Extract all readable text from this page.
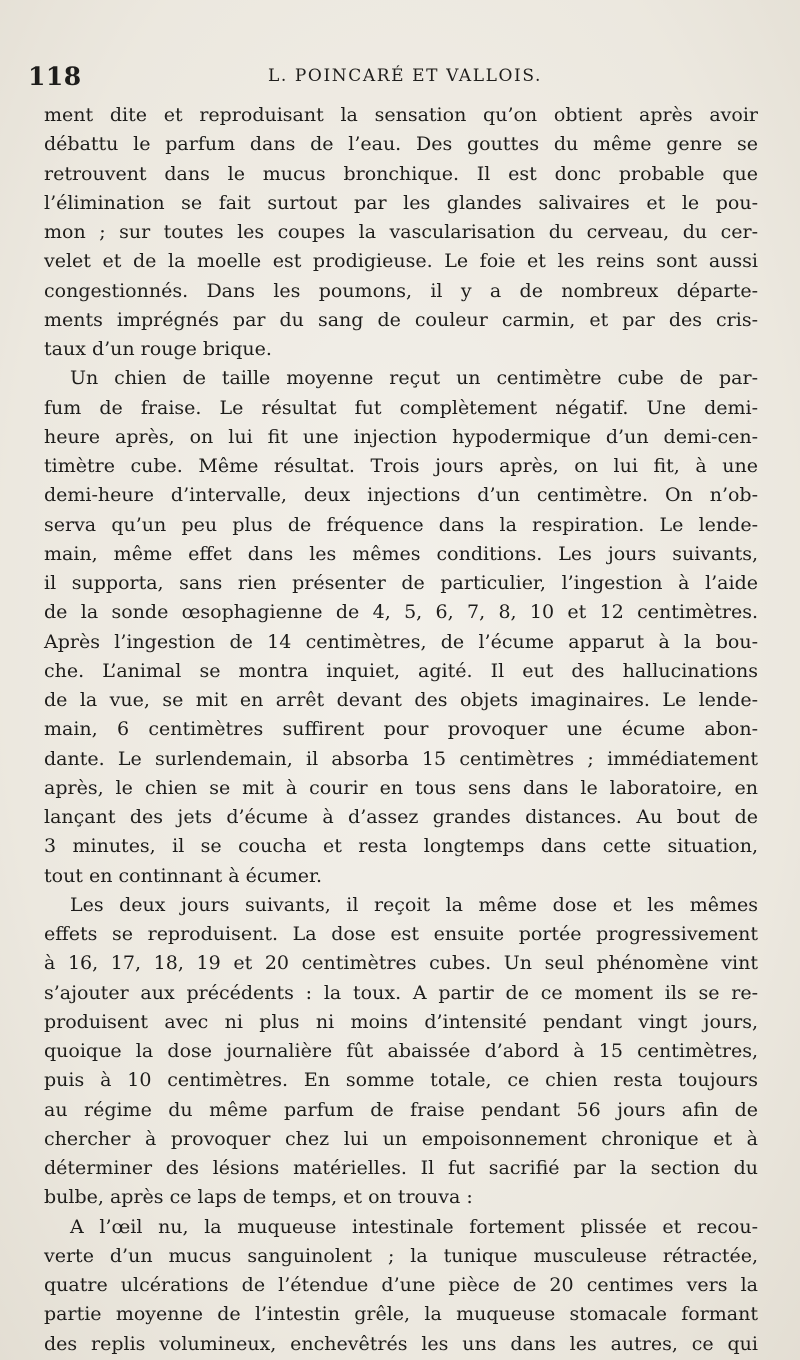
118	L. POINCARÉ ET VALLOIS.
ment dite et reproduisant la sensation qu’on obtient après avoir
débattu le parfum dans de l’eau. Des gouttes du même genre se
retrouvent dans le mucus bronchique. Il est donc probable que
l’élimination se fait surtout par les glandes salivaires et le pou-
mon ; sur toutes les coupes la vascularisation du cerveau, du cer-
velet et de la moelle est prodigieuse. Le foie et les reins sont aussi
congestionnés. Dans les poumons, il y a de nombreux départe-
ments imprégnés par du sang de couleur carmin, et par des cris-
taux d’un rouge brique.
Un chien de taille moyenne reçut un centimètre cube de par-
fum de fraise. Le résultat fut complètement négatif. Une demi-
heure après, on lui fit une injection hypodermique d’un demi-cen-
timètre cube. Même résultat. Trois jours après, on lui fit, à une
demi-heure d’intervalle, deux injections d’un centimètre. On n’ob-
serva qu’un peu plus de fréquence dans la respiration. Le lende-
main, même effet dans les mêmes conditions. Les jours suivants,
il supporta, sans rien présenter de particulier, l’ingestion à l’aide
de la sonde œsophagienne de 4, 5, 6, 7, 8, 10 et 12 centimètres.
Après l’ingestion de 14 centimètres, de l’écume apparut à la bou-
che. L’animal se montra inquiet, agité. Il eut des hallucinations
de la vue, se mit en arrêt devant des objets imaginaires. Le lende-
main, 6 centimètres suffirent pour provoquer une écume abon-
dante. Le surlendemain, il absorba 15 centimètres ; immédiatement
après, le chien se mit à courir en tous sens dans le laboratoire, en
lançant des jets d’écume à d’assez grandes distances. Au bout de
3 minutes, il se coucha et resta longtemps dans cette situation,
tout en continnant à écumer.
Les deux jours suivants, il reçoit la même dose et les mêmes
effets se reproduisent. La dose est ensuite portée progressivement
à 16, 17, 18, 19 et 20 centimètres cubes. Un seul phénomène vint
s’ajouter aux précédents : la toux. A partir de ce moment ils se re-
produisent avec ni plus ni moins d’intensité pendant vingt jours,
quoique la dose journalière fût abaissée d’abord à 15 centimètres,
puis à 10 centimètres. En somme totale, ce chien resta toujours
au régime du même parfum de fraise pendant 56 jours afin de
chercher à provoquer chez lui un empoisonnement chronique et à
déterminer des lésions matérielles. Il fut sacrifié par la section du
bulbe, après ce laps de temps, et on trouva :
A l’œil nu, la muqueuse intestinale fortement plissée et recou-
verte d’un mucus sanguinolent ; la tunique musculeuse rétractée,
quatre ulcérations de l’étendue d’une pièce de 20 centimes vers la
partie moyenne de l’intestin grêle, la muqueuse stomacale formant
des replis volumineux, enchevêtrés les uns dans les autres, ce qui
